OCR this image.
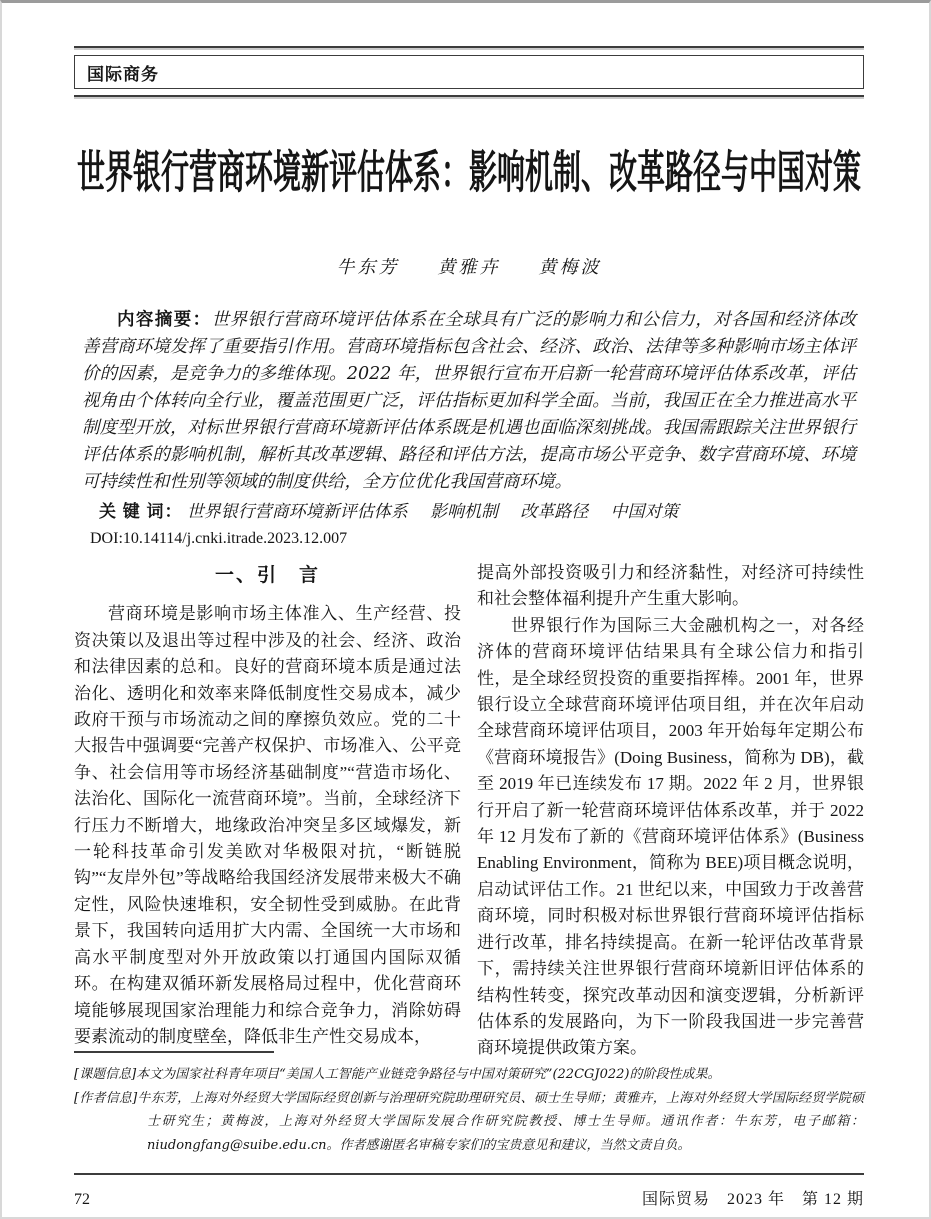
国际商务
世界银行营商环境新评估体系：影响机制、改革路径与中国对策
牛东芳 黄雅卉 黄梅波

内容摘要：世界银行营商环境评估体系在全球具有广泛的影响力和公信力，对各国和经济体改善营商环境发挥了重要指引作用。营商环境指标包含社会、经济、政治、法律等多种影响市场主体评价的因素，是竞争力的多维体现。2022 年，世界银行宣布开启新一轮营商环境评估体系改革，评估视角由个体转向全行业，覆盖范围更广泛，评估指标更加科学全面。当前，我国正在全力推进高水平制度型开放，对标世界银行营商环境新评估体系既是机遇也面临深刻挑战。我国需跟踪关注世界银行评估体系的影响机制，解析其改革逻辑、路径和评估方法，提高市场公平竞争、数字营商环境、环境可持续性和性别等领域的制度供给，全方位优化我国营商环境。

关 键 词： 世界银行营商环境新评估体系 影响机制 改革路径 中国对策

DOI:10.14114/j.cnki.itrade.2023.12.007

一、引　言

营商环境是影响市场主体准入、生产经营、投资决策以及退出等过程中涉及的社会、经济、政治和法律因素的总和。良好的营商环境本质是通过法治化、透明化和效率来降低制度性交易成本，减少政府干预与市场流动之间的摩擦负效应。党的二十大报告中强调要“完善产权保护、市场准入、公平竞争、社会信用等市场经济基础制度”“营造市场化、法治化、国际化一流营商环境”。当前，全球经济下行压力不断增大，地缘政治冲突呈多区域爆发，新一轮科技革命引发美欧对华极限对抗，“断链脱钩”“友岸外包”等战略给我国经济发展带来极大不确定性，风险快速堆积，安全韧性受到威胁。在此背景下，我国转向适用扩大内需、全国统一大市场和高水平制度型对外开放政策以打通国内国际双循环。在构建双循环新发展格局过程中，优化营商环境能够展现国家治理能力和综合竞争力，消除妨碍要素流动的制度壁垒，降低非生产性交易成本，

提高外部投资吸引力和经济黏性，对经济可持续性和社会整体福利提升产生重大影响。

世界银行作为国际三大金融机构之一，对各经济体的营商环境评估结果具有全球公信力和指引性，是全球经贸投资的重要指挥棒。2001 年，世界银行设立全球营商环境评估项目组，并在次年启动全球营商环境评估项目，2003 年开始每年定期公布《营商环境报告》(Doing Business，简称为 DB)，截至 2019 年已连续发布 17 期。2022 年 2 月，世界银行开启了新一轮营商环境评估体系改革，并于 2022 年 12 月发布了新的《营商环境评估体系》(Business Enabling Environment，简称为 BEE)项目概念说明，启动试评估工作。21 世纪以来，中国致力于改善营商环境，同时积极对标世界银行营商环境评估指标进行改革，排名持续提高。在新一轮评估改革背景下，需持续关注世界银行营商环境新旧评估体系的结构性转变，探究改革动因和演变逻辑，分析新评估体系的发展路向，为下一阶段我国进一步完善营商环境提供政策方案。

[课题信息]本文为国家社科青年项目“美国人工智能产业链竞争路径与中国对策研究”(22CGJ022)的阶段性成果。

[作者信息]牛东芳，上海对外经贸大学国际经贸创新与治理研究院助理研究员、硕士生导师；黄雅卉，上海对外经贸大学国际经贸学院硕士研究生；黄梅波，上海对外经贸大学国际发展合作研究院教授、博士生导师。通讯作者：牛东芳，电子邮箱：niudongfang@suibe.edu.cn。作者感谢匿名审稿专家们的宝贵意见和建议，当然文责自负。

72	国际贸易　2023 年　第 12 期
